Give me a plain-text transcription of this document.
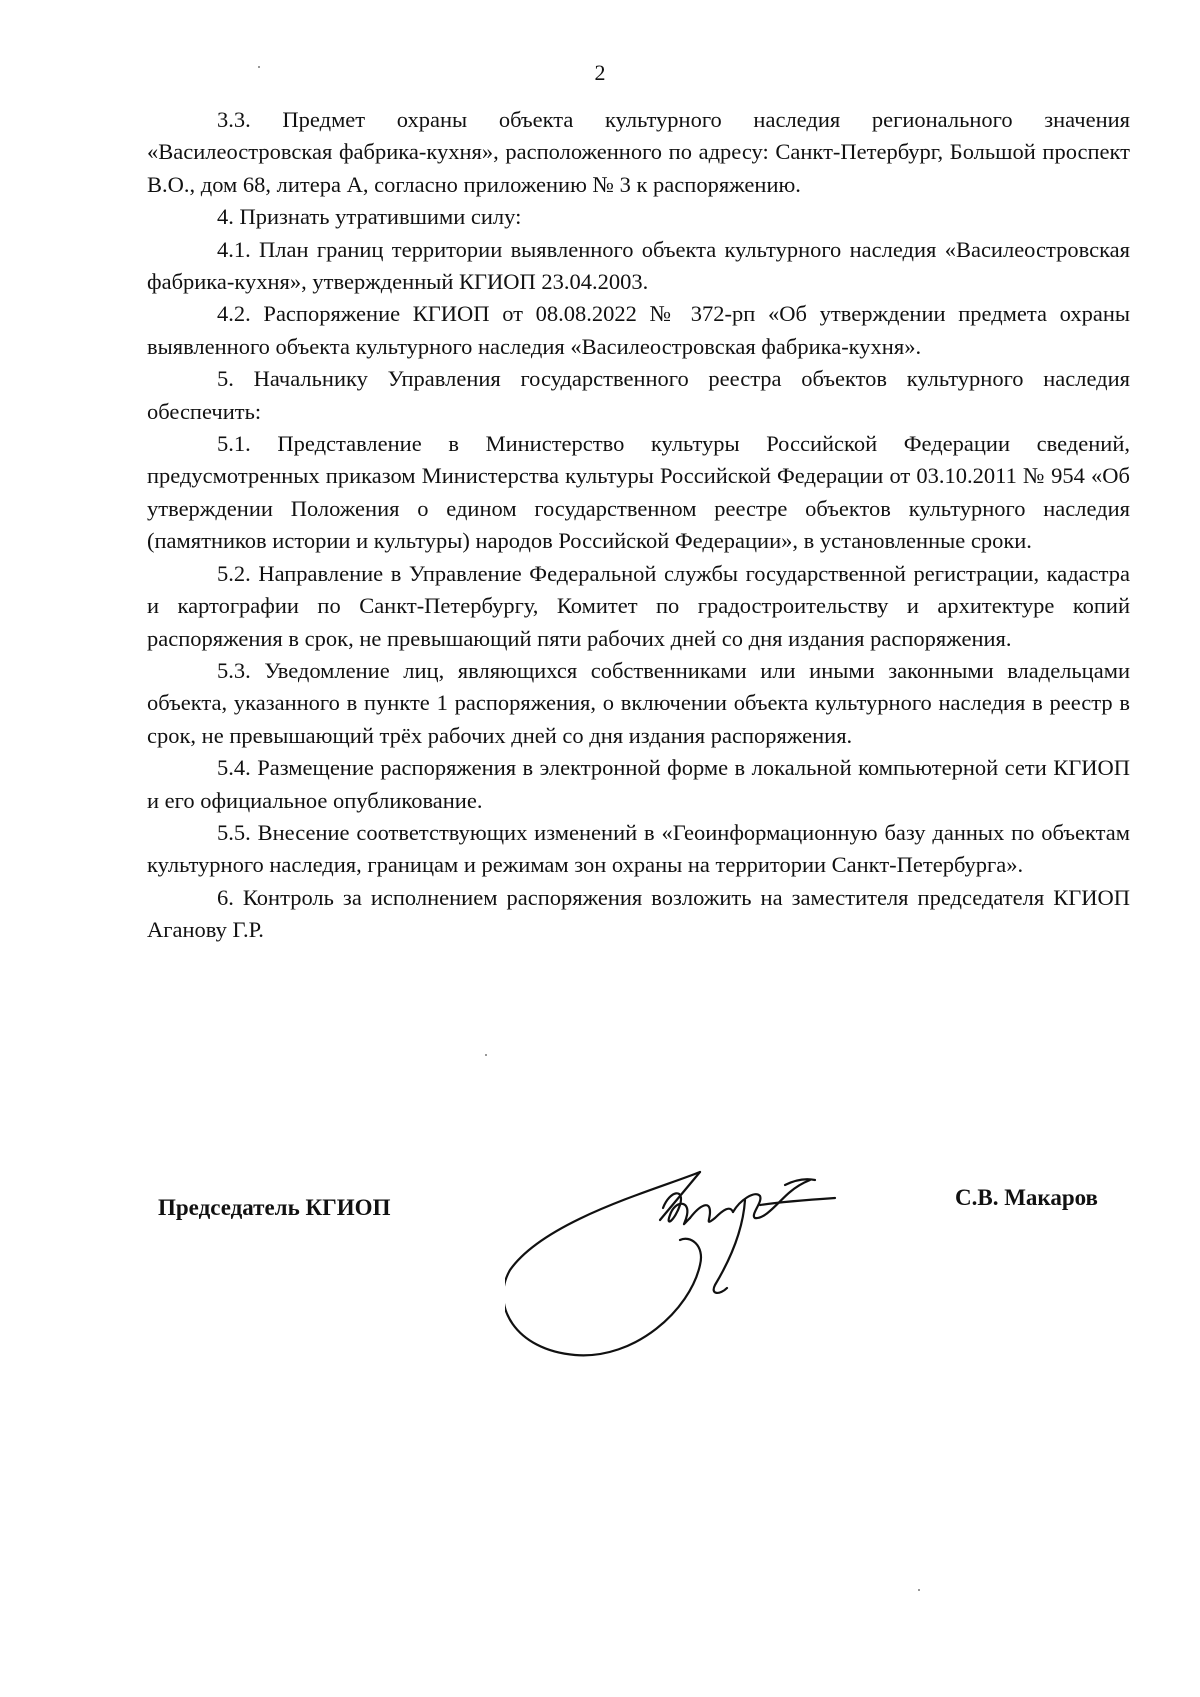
2

3.3. Предмет охраны объекта культурного наследия регионального значения «Василеостровская фабрика-кухня», расположенного по адресу: Санкт-Петербург, Большой проспект В.О., дом 68, литера А, согласно приложению № 3 к распоряжению.

4. Признать утратившими силу:

4.1. План границ территории выявленного объекта культурного наследия «Василеостровская фабрика-кухня», утвержденный КГИОП 23.04.2003.

4.2. Распоряжение КГИОП от 08.08.2022 № 372-рп «Об утверждении предмета охраны выявленного объекта культурного наследия «Василеостровская фабрика-кухня».

5. Начальнику Управления государственного реестра объектов культурного наследия обеспечить:

5.1. Представление в Министерство культуры Российской Федерации сведений, предусмотренных приказом Министерства культуры Российской Федерации от 03.10.2011 № 954 «Об утверждении Положения о едином государственном реестре объектов культурного наследия (памятников истории и культуры) народов Российской Федерации», в установленные сроки.

5.2. Направление в Управление Федеральной службы государственной регистрации, кадастра и картографии по Санкт-Петербургу, Комитет по градостроительству и архитектуре копий распоряжения в срок, не превышающий пяти рабочих дней со дня издания распоряжения.

5.3. Уведомление лиц, являющихся собственниками или иными законными владельцами объекта, указанного в пункте 1 распоряжения, о включении объекта культурного наследия в реестр в срок, не превышающий трёх рабочих дней со дня издания распоряжения.

5.4. Размещение распоряжения в электронной форме в локальной компьютерной сети КГИОП и его официальное опубликование.

5.5. Внесение соответствующих изменений в «Геоинформационную базу данных по объектам культурного наследия, границам и режимам зон охраны на территории Санкт-Петербурга».

6. Контроль за исполнением распоряжения возложить на заместителя председателя КГИОП Аганову Г.Р.

Председатель КГИОП	С.В. Макаров
